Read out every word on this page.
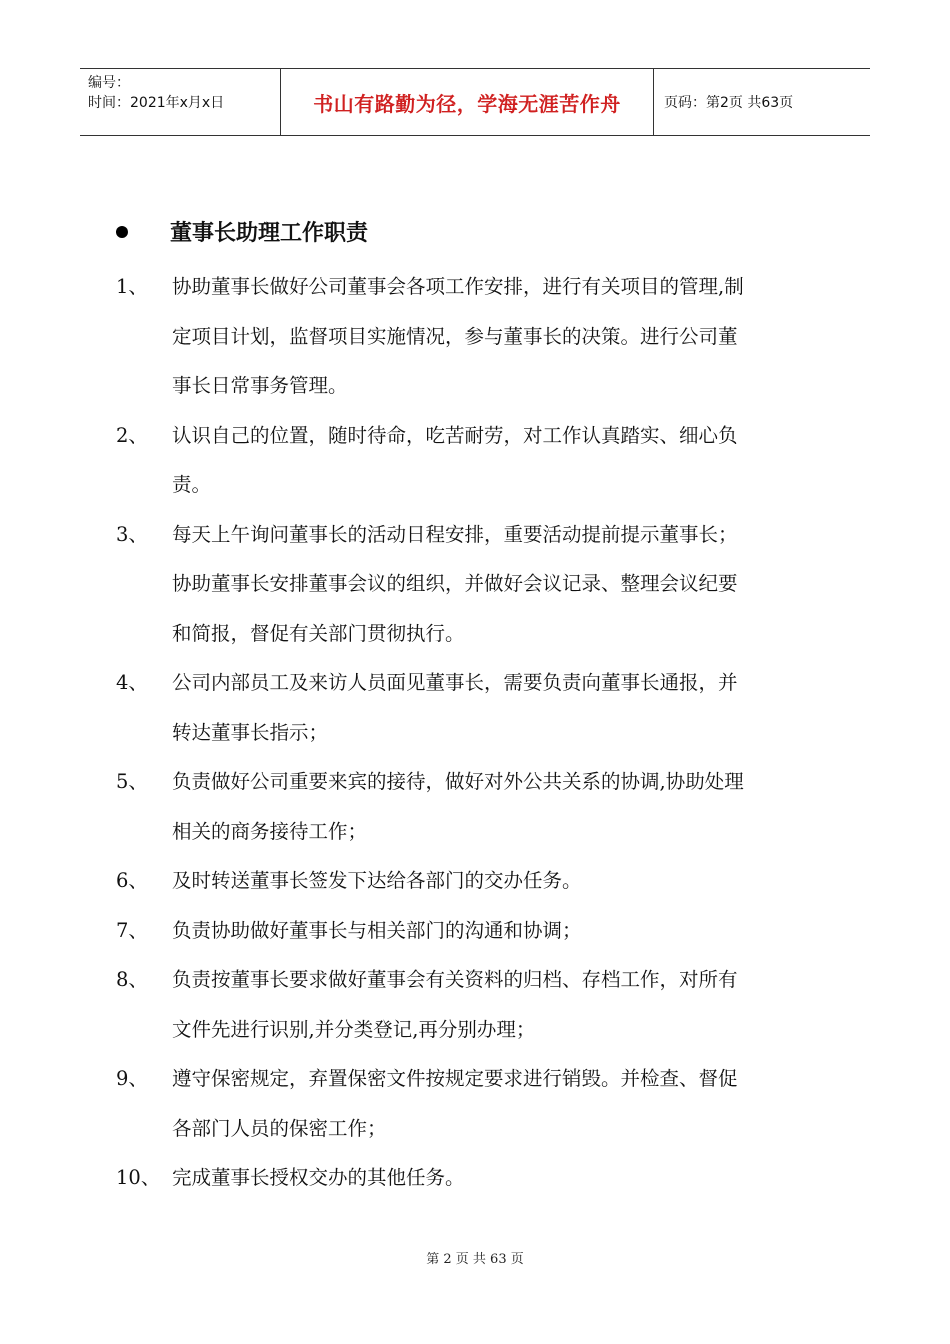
编号：
时间：2021年x月x日	书山有路勤为径，学海无涯苦作舟	页码：第2页 共63页
董事长助理工作职责
1、	协助董事长做好公司董事会各项工作安排，进行有关项目的管理,制
定项目计划，监督项目实施情况，参与董事长的决策。进行公司董
事长日常事务管理。
2、	认识自己的位置，随时待命，吃苦耐劳，对工作认真踏实、细心负
责。
3、	每天上午询问董事长的活动日程安排，重要活动提前提示董事长；
协助董事长安排董事会议的组织，并做好会议记录、整理会议纪要
和简报，督促有关部门贯彻执行。
4、	公司内部员工及来访人员面见董事长，需要负责向董事长通报，并
转达董事长指示；
5、	负责做好公司重要来宾的接待，做好对外公共关系的协调,协助处理
相关的商务接待工作；
6、	及时转送董事长签发下达给各部门的交办任务。
7、	负责协助做好董事长与相关部门的沟通和协调；
8、	负责按董事长要求做好董事会有关资料的归档、存档工作，对所有
文件先进行识别,并分类登记,再分别办理；
9、	遵守保密规定，弃置保密文件按规定要求进行销毁。并检查、督促
各部门人员的保密工作；
10、 完成董事长授权交办的其他任务。
第 2 页 共 63 页
